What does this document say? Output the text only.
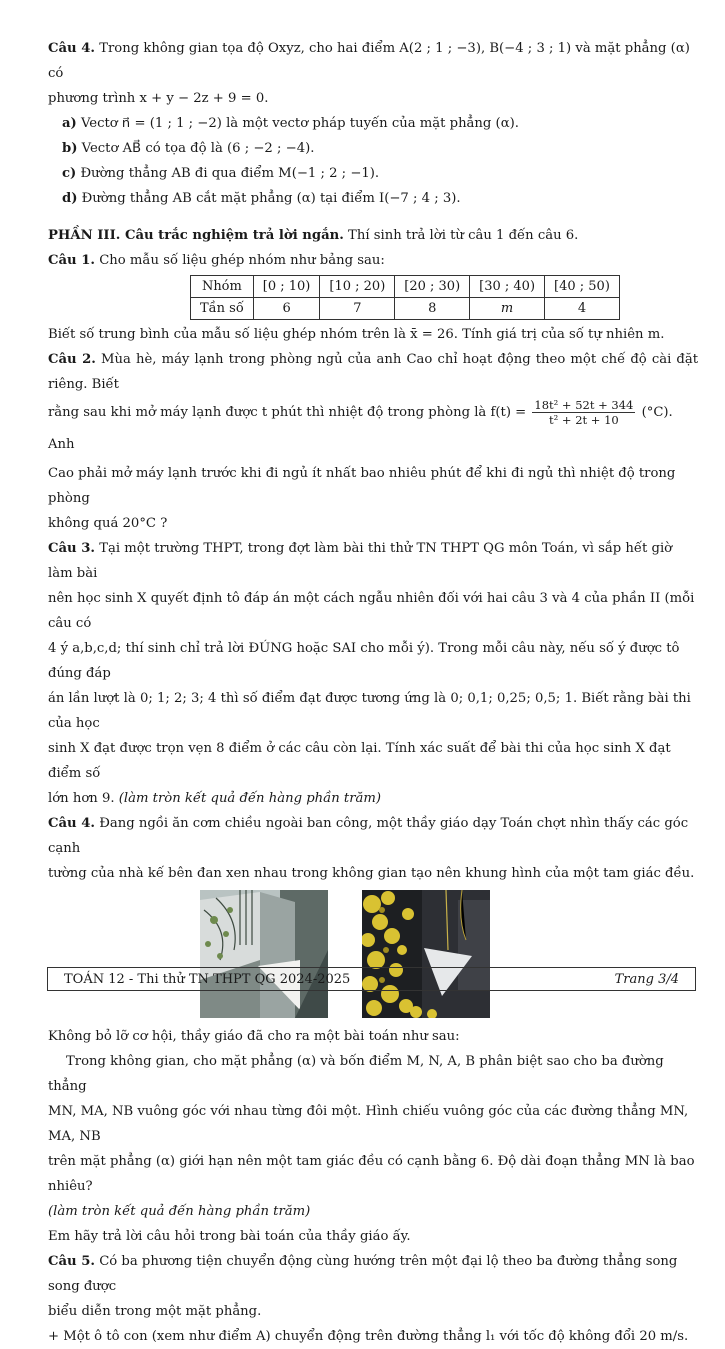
Câu 4. Trong không gian tọa độ Oxyz, cho hai điểm A(2 ; 1 ; −3), B(−4 ; 3 ; 1) và mặt phẳng (α) có

phương trình x + y − 2z + 9 = 0.

a) Vectơ n⃗ = (1 ; 1 ; −2) là một vectơ pháp tuyến của mặt phẳng (α).

b) Vectơ AB⃗ có tọa độ là (6 ; −2 ; −4).

c) Đường thẳng AB đi qua điểm M(−1 ; 2 ; −1).

d) Đường thẳng AB cắt mặt phẳng (α) tại điểm I(−7 ; 4 ; 3).

PHẦN III. Câu trắc nghiệm trả lời ngắn. Thí sinh trả lời từ câu 1 đến câu 6.

Câu 1. Cho mẫu số liệu ghép nhóm như bảng sau:

Nhóm	[0 ; 10)	[10 ; 20)	[20 ; 30)	[30 ; 40)	[40 ; 50)
Tần số	6	7	8	m	4

Biết số trung bình của mẫu số liệu ghép nhóm trên là x̄ = 26. Tính giá trị của số tự nhiên m.

Câu 2. Mùa hè, máy lạnh trong phòng ngủ của anh Cao chỉ hoạt động theo một chế độ cài đặt riêng. Biết

rằng sau khi mở máy lạnh được t phút thì nhiệt độ trong phòng là $f(t) = \frac{\text{18t² + 52t + 344}}{\text{t² + 2t + 10}} (^\circ C)$. Anh

Cao phải mở máy lạnh trước khi đi ngủ ít nhất bao nhiêu phút để khi đi ngủ thì nhiệt độ trong phòng

không quá 20°C ?

Câu 3. Tại một trường THPT, trong đợt làm bài thi thử TN THPT QG môn Toán, vì sắp hết giờ làm bài

nên học sinh X quyết định tô đáp án một cách ngẫu nhiên đối với hai câu 3 và 4 của phần II (mỗi câu có

4 ý a,b,c,d; thí sinh chỉ trả lời ĐÚNG hoặc SAI cho mỗi ý). Trong mỗi câu này, nếu số ý được tô đúng đáp

án lần lượt là 0; 1; 2; 3; 4 thì số điểm đạt được tương ứng là 0; 0,1; 0,25; 0,5; 1. Biết rằng bài thi của học

sinh X đạt được trọn vẹn 8 điểm ở các câu còn lại. Tính xác suất để bài thi của học sinh X đạt điểm số

lớn hơn 9. (làm tròn kết quả đến hàng phần trăm)

Câu 4. Đang ngồi ăn cơm chiều ngoài ban công, một thầy giáo dạy Toán chợt nhìn thấy các góc cạnh

tường của nhà kế bên đan xen nhau trong không gian tạo nên khung hình của một tam giác đều.

Không bỏ lỡ cơ hội, thầy giáo đã cho ra một bài toán như sau:

Trong không gian, cho mặt phẳng (α) và bốn điểm M, N, A, B phân biệt sao cho ba đường thẳng

MN, MA, NB vuông góc với nhau từng đôi một. Hình chiếu vuông góc của các đường thẳng MN, MA, NB

trên mặt phẳng (α) giới hạn nên một tam giác đều có cạnh bằng 6. Độ dài đoạn thẳng MN là bao nhiêu?

(làm tròn kết quả đến hàng phần trăm)

Em hãy trả lời câu hỏi trong bài toán của thầy giáo ấy.

Câu 5. Có ba phương tiện chuyển động cùng hướng trên một đại lộ theo ba đường thẳng song song được

biểu diễn trong một mặt phẳng.

+ Một ô tô con (xem như điểm A) chuyển động trên đường thẳng l₁ với tốc độ không đổi 20 m/s.

TOÁN 12 - Thi thử TN THPT QG 2024-2025	Trang 3/4
